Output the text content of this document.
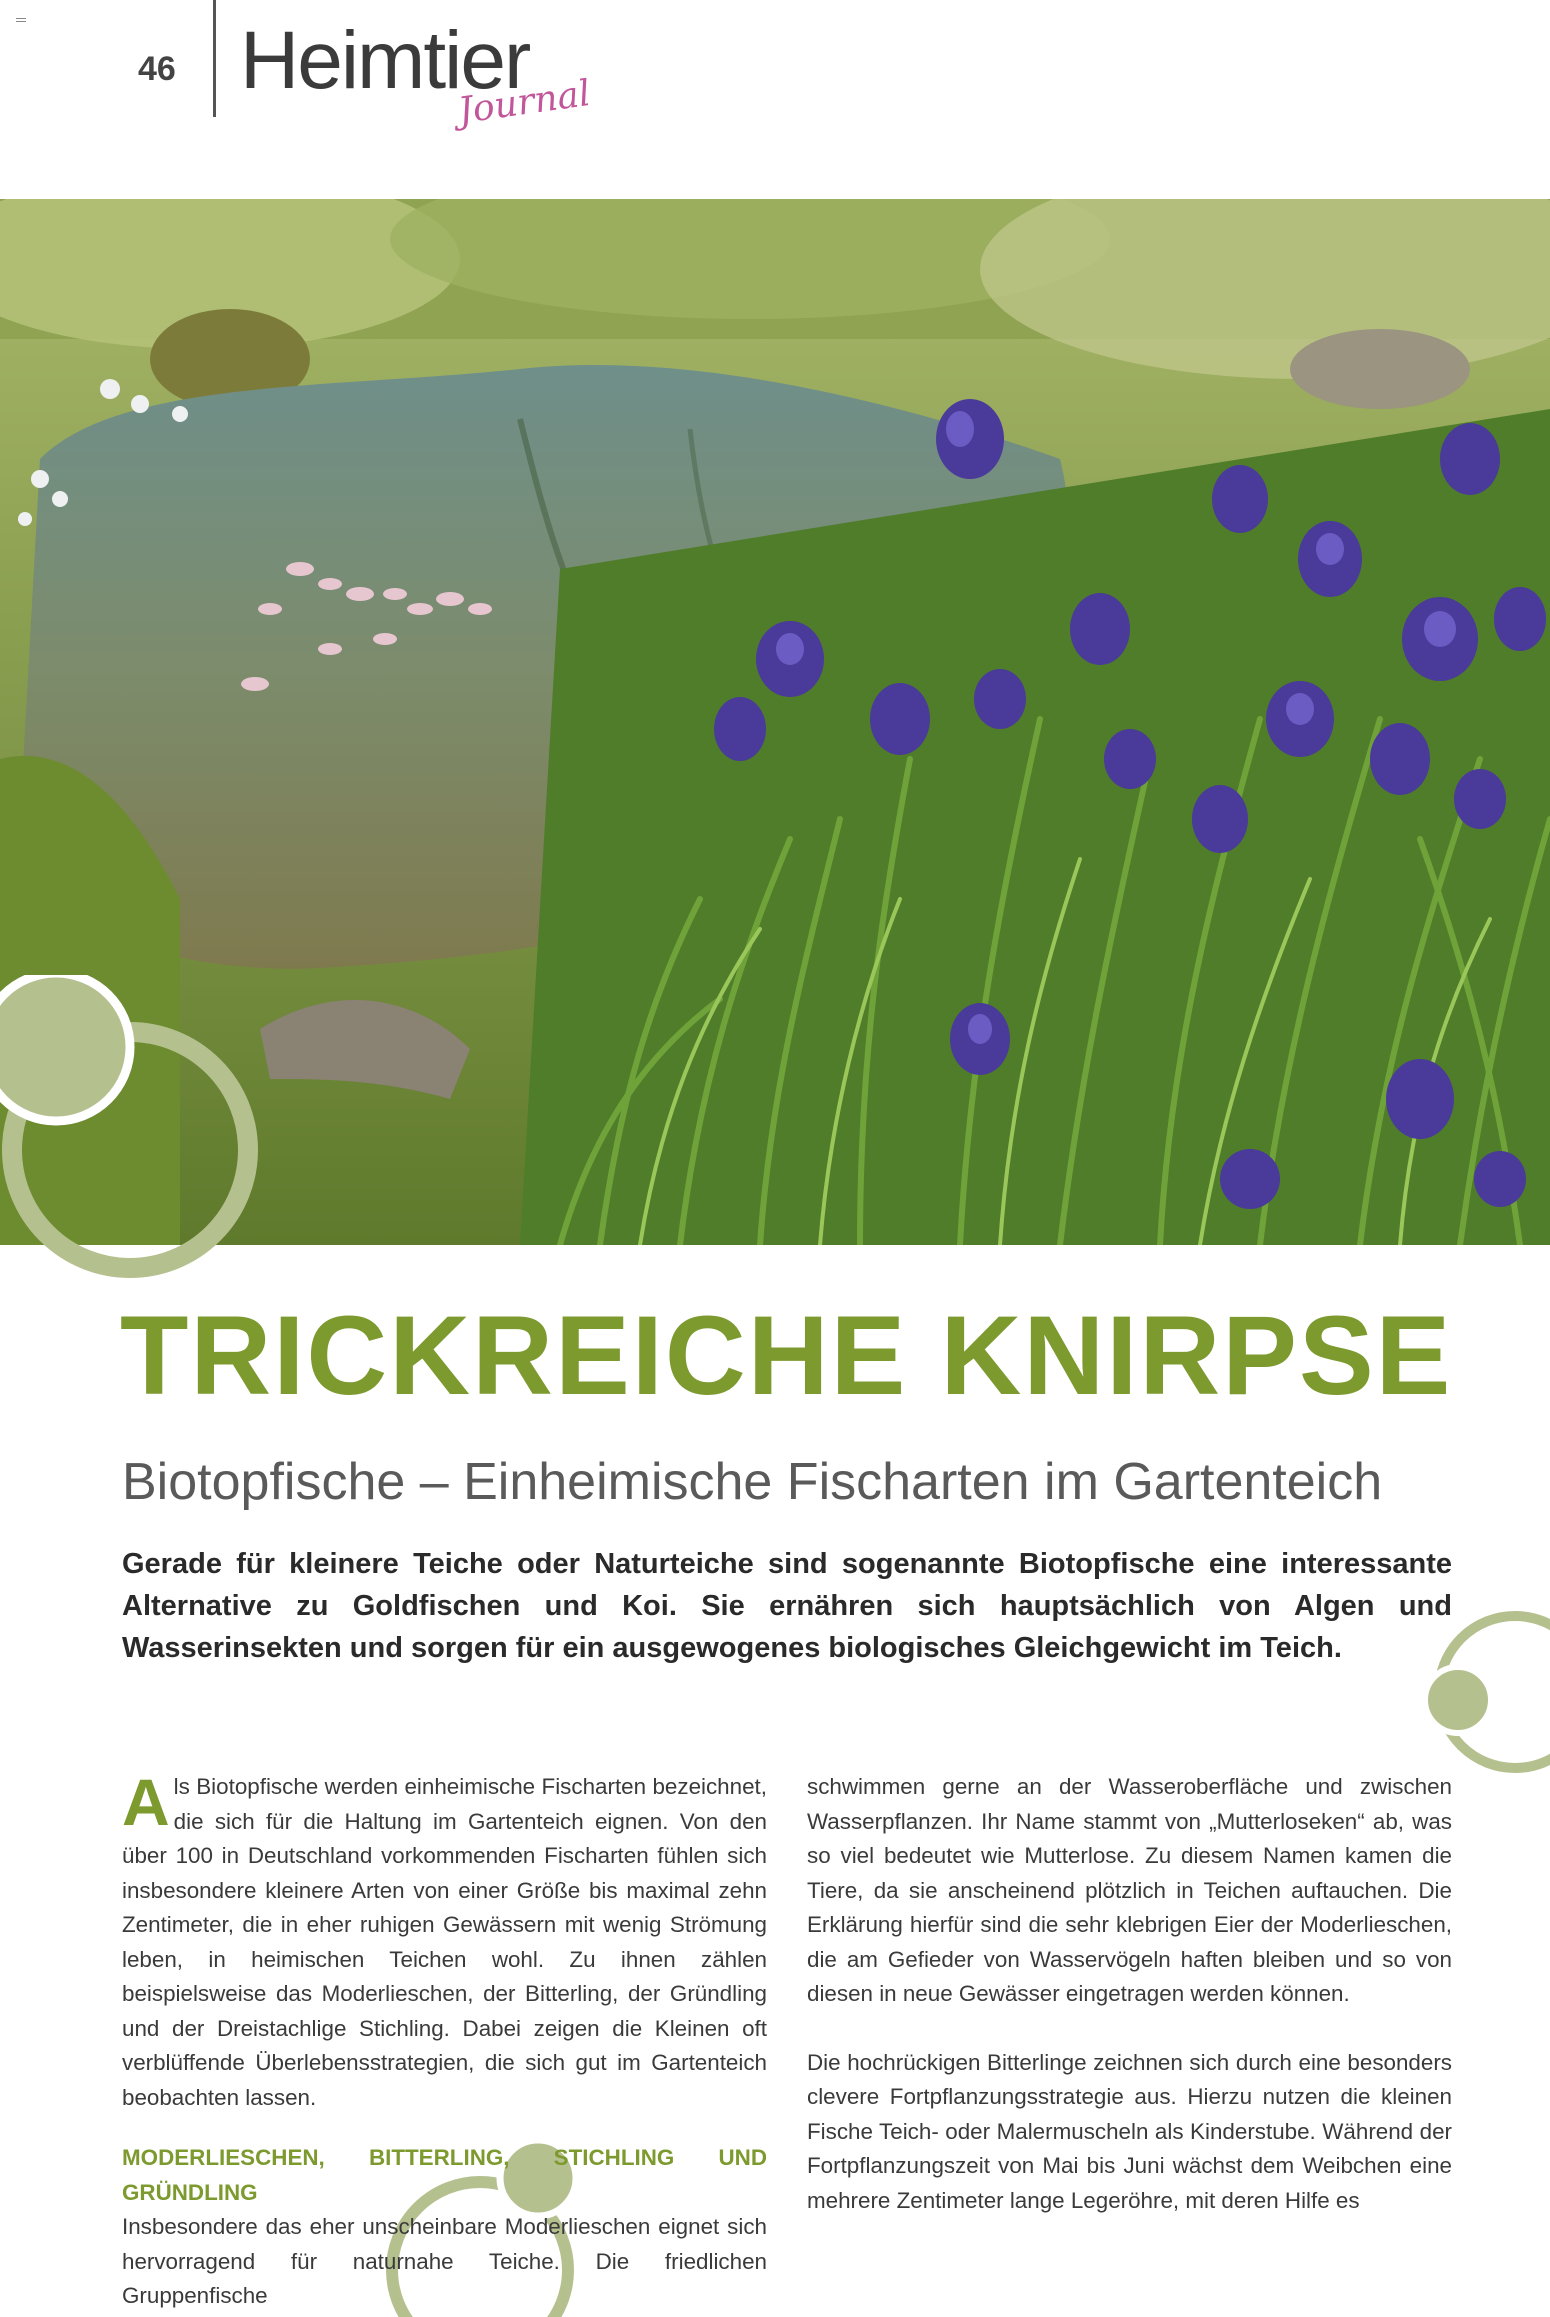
46 Heimtier
Journal
TRICKREICHE KNIRPSE
Biotopfische – Einheimische Fischarten im Gartenteich

Gerade für kleinere Teiche oder Naturteiche sind sogenannte Biotopfische eine interessante Alternative zu Goldfischen und Koi. Sie ernähren sich hauptsächlich von Algen und Wasserinsekten und sorgen für ein ausgewogenes biologisches Gleichgewicht im Teich.

Als Biotopfische werden einheimische Fischarten bezeichnet, die sich für die Haltung im Gartenteich eignen. Von den über 100 in Deutschland vorkommenden Fischarten fühlen sich insbesondere kleinere Arten von einer Größe bis maximal zehn Zentimeter, die in eher ruhigen Gewässern mit wenig Strömung leben, in heimischen Teichen wohl. Zu ihnen zählen beispielsweise das Moderlieschen, der Bitterling, der Gründling und der Dreistachlige Stichling. Dabei zeigen die Kleinen oft verblüffende Überlebensstrategien, die sich gut im Gartenteich beobachten lassen.

MODERLIESCHEN, BITTERLING, STICHLING UND GRÜNDLING

Insbesondere das eher unscheinbare Moderlieschen eignet sich hervorragend für naturnahe Teiche. Die friedlichen Gruppenfische

schwimmen gerne an der Wasseroberfläche und zwischen Wasserpflanzen. Ihr Name stammt von „Mutterloseken“ ab, was so viel bedeutet wie Mutterlose. Zu diesem Namen kamen die Tiere, da sie anscheinend plötzlich in Teichen auftauchen. Die Erklärung hierfür sind die sehr klebrigen Eier der Moderlieschen, die am Gefieder von Wasservögeln haften bleiben und so von diesen in neue Gewässer eingetragen werden können.

Die hochrückigen Bitterlinge zeichnen sich durch eine besonders clevere Fortpflanzungsstrategie aus. Hierzu nutzen die kleinen Fische Teich- oder Malermuscheln als Kinderstube. Während der Fortpflanzungszeit von Mai bis Juni wächst dem Weibchen eine mehrere Zentimeter lange Legeröhre, mit deren Hilfe es
